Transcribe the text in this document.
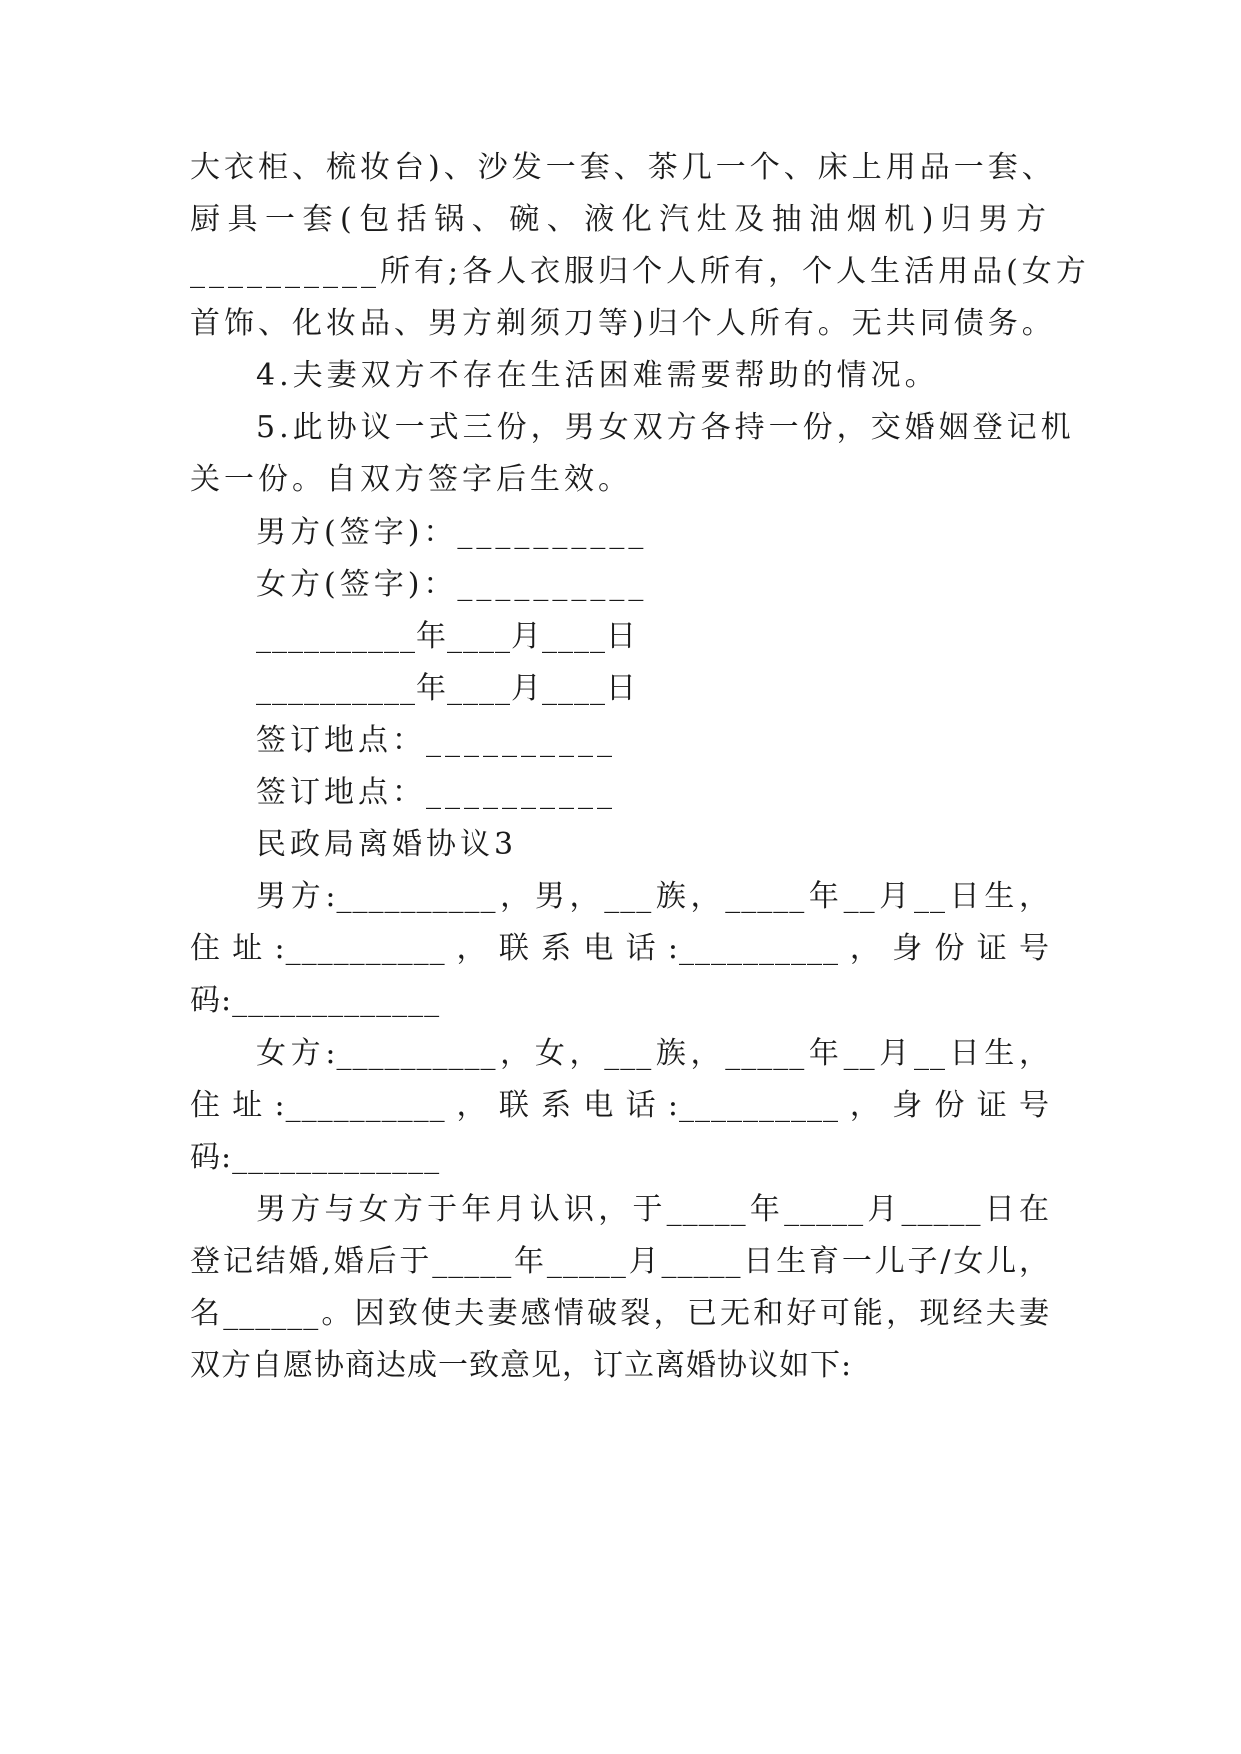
大衣柜、梳妆台)、沙发一套、茶几一个、床上用品一套、
厨具一套(包括锅、碗、液化汽灶及抽油烟机)归男方
__________所有;各人衣服归个人所有，个人生活用品(女方
首饰、化妆品、男方剃须刀等)归个人所有。无共同债务。
4.夫妻双方不存在生活困难需要帮助的情况。
5.此协议一式三份，男女双方各持一份，交婚姻登记机
关一份。自双方签字后生效。
男方(签字)：__________
女方(签字)：__________
__________年____月____日
__________年____月____日
签订地点：__________
签订地点：__________
民政局离婚协议3
男方:__________，男，___族，_____年__月__日生，
住 址 :__________ ， 联 系 电 话 :__________ ， 身 份 证 号
码:_____________
女方:__________，女，___族，_____年__月__日生，
住 址 :__________ ， 联 系 电 话 :__________ ， 身 份 证 号
码:_____________
男方与女方于年月认识，于_____年_____月_____日在
登记结婚,婚后于_____年_____月_____日生育一儿子/女儿，
名______。因致使夫妻感情破裂，已无和好可能，现经夫妻
双方自愿协商达成一致意见，订立离婚协议如下:
